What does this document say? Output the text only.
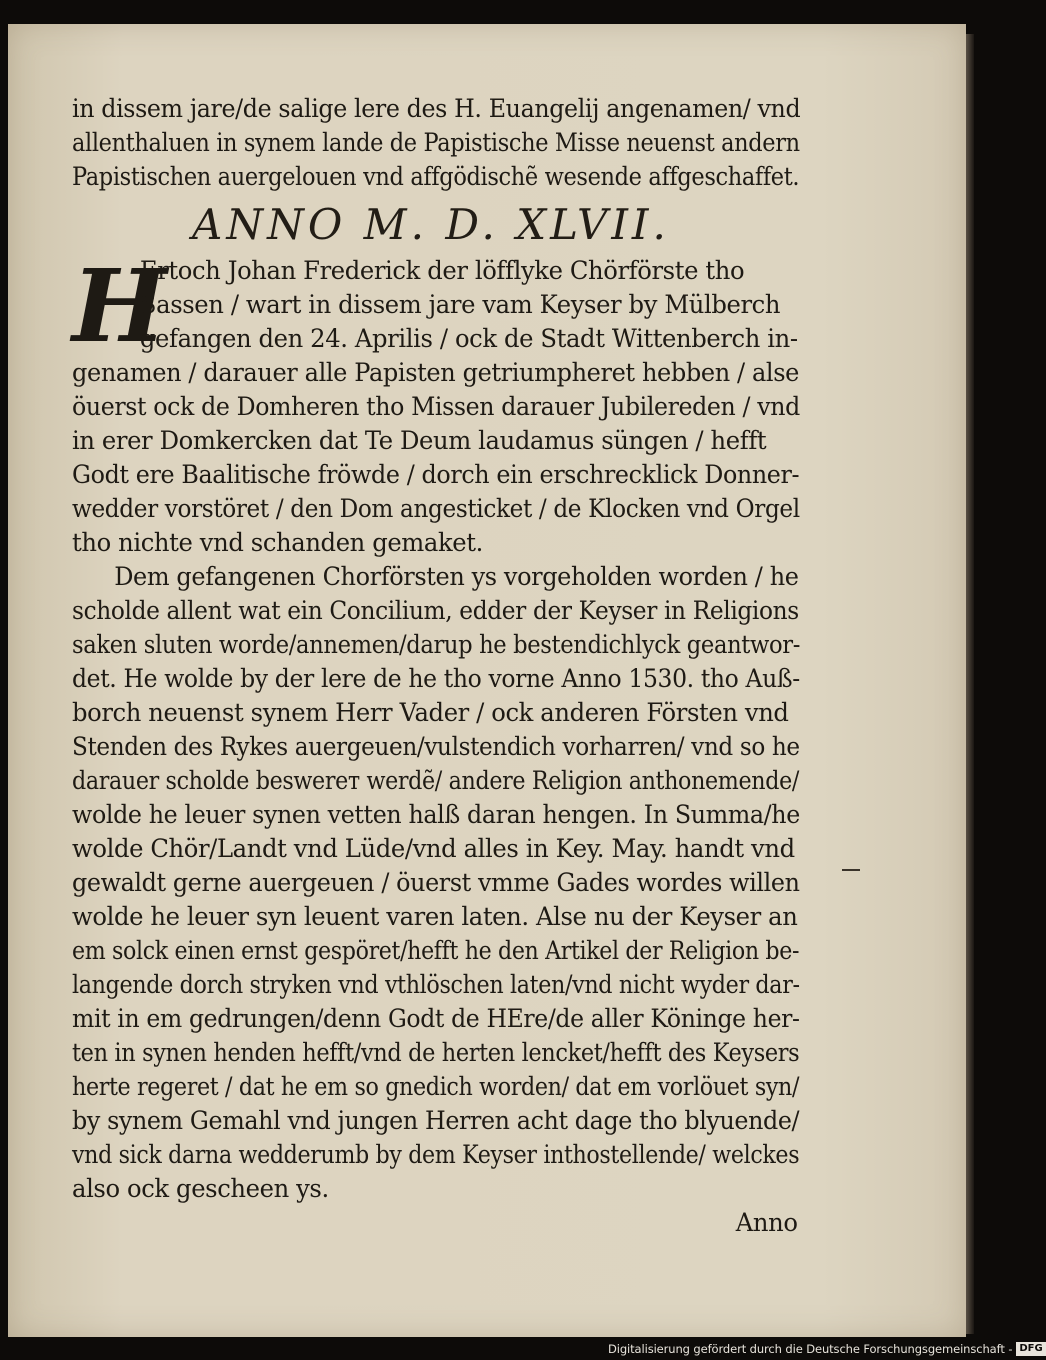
in dissem jare/de salige lere des H. Euangelij angenamen/ vnd
allenthaluen in synem lande de Papistische Misse neuenst andern
Papistischen auergelouen vnd affgödischẽ wesende affgeschaffet.
ANNO M. D. XLVII.
H
Ertoch Johan Frederick der löfflyke Chörförste tho
Sassen / wart in dissem jare vam Keyser by Mülberch
gefangen den 24. Aprilis / ock de Stadt Wittenberch in-
genamen / darauer alle Papisten getriumpheret hebben / alse
öuerst ock de Domheren tho Missen darauer Jubilereden / vnd
in erer Domkercken dat Te Deum laudamus süngen / hefft
Godt ere Baalitische fröwde / dorch ein erschrecklick Donner-
wedder vorstöret / den Dom angesticket / de Klocken vnd Orgel
tho nichte vnd schanden gemaket.
Dem gefangenen Chorförsten ys vorgeholden worden / he
scholde allent wat ein Concilium, edder der Keyser in Religions
saken sluten worde/annemen/darup he bestendichlyck geantwor-
det. He wolde by der lere de he tho vorne Anno 1530. tho Auß-
borch neuenst synem Herr Vader / ock anderen Försten vnd
Stenden des Rykes auergeuen/vulstendich vorharren/ vnd so he
darauer scholde beswerет werdẽ/ andere Religion anthonemende/
wolde he leuer synen vetten halß daran hengen. In Summa/he
wolde Chör/Landt vnd Lüde/vnd alles in Key. May. handt vnd
gewaldt gerne auergeuen / öuerst vmme Gades wordes willen
wolde he leuer syn leuent varen laten. Alse nu der Keyser an
em solck einen ernst gespöret/hefft he den Artikel der Religion be-
langende dorch stryken vnd vthlöschen laten/vnd nicht wyder dar-
mit in em gedrungen/denn Godt de HEre/de aller Köninge her-
ten in synen henden hefft/vnd de herten lencket/hefft des Keysers
herte regeret / dat he em so gnedich worden/ dat em vorlöuet syn/
by synem Gemahl vnd jungen Herren acht dage tho blyuende/
vnd sick darna wedderumb by dem Keyser inthostellende/ welckes
also ock gescheen ys.
Anno
Digitalisierung gefördert durch die Deutsche Forschungsgemeinschaft - DFG
